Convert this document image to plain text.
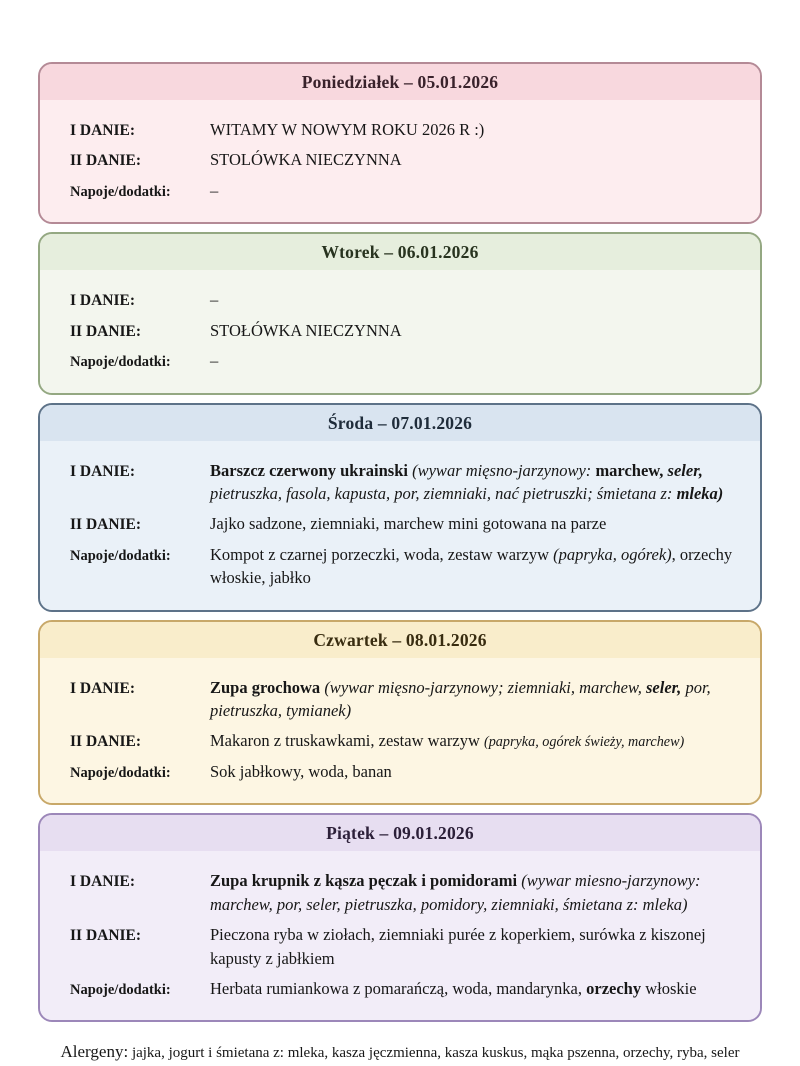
Poniedziałek – 05.01.2026
I DANIE:	WITAMY W NOWYM ROKU 2026 R :)
II DANIE:	STOLÓWKA NIECZYNNA
Napoje/dodatki:	–
Wtorek – 06.01.2026
I DANIE:	–
II DANIE:	STOŁÓWKA NIECZYNNA
Napoje/dodatki:	–
Środa – 07.01.2026
I DANIE:	Barszcz czerwony ukrainski (wywar mięsno-jarzynowy: marchew, seler, pietruszka, fasola, kapusta, por, ziemniaki, nać pietruszki; śmietana z: mleka)
II DANIE:	Jajko sadzone, ziemniaki, marchew mini gotowana na parze
Napoje/dodatki:	Kompot z czarnej porzeczki, woda, zestaw warzyw (papryka, ogórek), orzechy włoskie, jabłko
Czwartek – 08.01.2026
I DANIE:	Zupa grochowa (wywar mięsno-jarzynowy; ziemniaki, marchew, seler, por, pietruszka, tymianek)
II DANIE:	Makaron z truskawkami, zestaw warzyw (papryka, ogórek świeży, marchew)
Napoje/dodatki:	Sok jabłkowy, woda, banan
Piątek – 09.01.2026
I DANIE:	Zupa krupnik z kąsza pęczak i pomidorami (wywar miesno-jarzynowy: marchew, por, seler, pietruszka, pomidory, ziemniaki, śmietana z: mleka)
II DANIE:	Pieczona ryba w ziołach, ziemniaki purée z koperkiem, surówka z kiszonej kapusty z jabłkiem
Napoje/dodatki:	Herbata rumiankowa z pomarańczą, woda, mandarynka, orzechy włoskie

Alergeny: jajka, jogurt i śmietana z: mleka, kasza jęczmienna, kasza kuskus, mąka pszenna, orzechy, ryba, seler
